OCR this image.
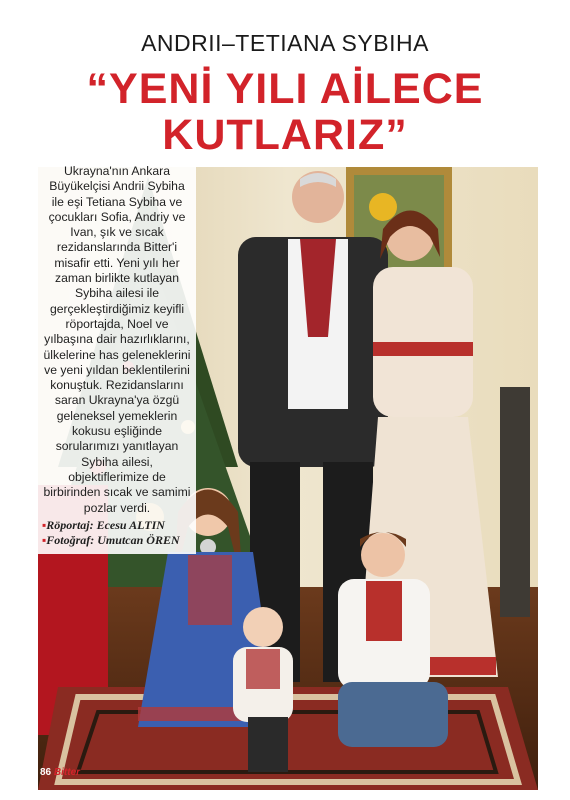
ANDRII–TETIANA SYBIHA
“YENİ YILI AİLECE
KUTLARIZ”

Ukrayna'nın Ankara Büyükelçisi Andrii Sybiha ile eşi Tetiana Sybiha ve çocukları Sofia, Andriy ve Ivan, şık ve sıcak rezidanslarında Bitter'i misafir etti. Yeni yılı her zaman birlikte kutlayan Sybiha ailesi ile gerçekleştirdiğimiz keyifli röportajda, Noel ve yılbaşına dair hazırlıklarını, ülkelerine has geleneklerini ve yeni yıldan beklentilerini konuştuk. Rezidanslarını saran Ukrayna'ya özgü geleneksel yemeklerin kokusu eşliğinde sorularımızı yanıtlayan Sybiha ailesi, objektiflerimize de birbirinden sıcak ve samimi pozlar verdi.

▪Röportaj: Ecesu ALTIN
▪Fotoğraf: Umutcan ÖREN
86 Bitter
